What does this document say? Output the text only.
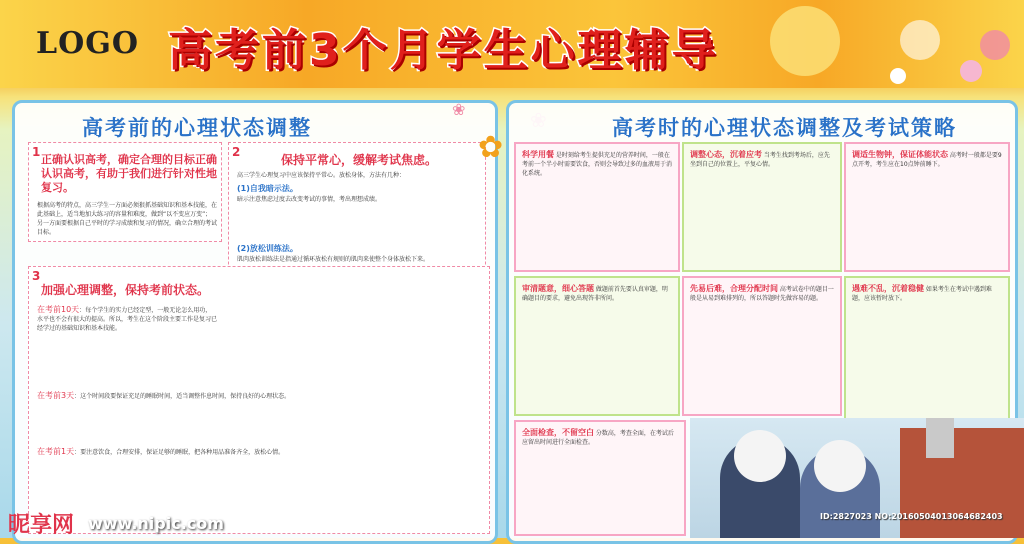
LOGO 高考前3个月学生心理辅导
高考前的心理状态调整
1
正确认识高考，确定合理的目标正确认识高考，有助于我们进行针对性地复习。
根据高考的特点，高三学生一方面必须狠抓基础知识和基本技能，在此基础上，适当地加大练习的容量和难度，做到“以不变应万变”；另一方面要根据自己平时的学习成绩和复习的情况，确立合理的考试目标。
2
保持平常心，缓解考试焦虑。
高三学生心理复习中应该保持平常心。放松身体，方法有几种：
(1)自我暗示法。
暗示注意焦虑过度去改变考试的事情，考出理想成绩。
(2)放松训练法。
肌肉放松训练法是指通过循环放松有规则的肌肉来使整个身体放松下来。
3
加强心理调整，保持考前状态。
在考前10天：每个学生的实力已经定型，一般无论怎么用功，水平也不会有很大的提高。所以，考生在这个阶段主要工作是复习已经学过的基础知识和基本技能。
在考前3天：这个时间段要保证充足的睡眠时间，适当调整作息时间，保持良好的心理状态。
在考前1天：要注意饮食，合理安排，保证足够的睡眠，把各种用品准备齐全，放松心情。
✿
❀
高考时的心理状态调整及考试策略
科学用餐 是时刻给考生提供充足的营养时间，一般在考前一个半小时需要饮食，否则会导致过多的血液用于消化系统。
调整心态，沉着应考 当考生找到考场后，应先坐到自己的位置上，平复心情。
调适生物钟，保证体能状态 高考时一般都是要9点开考，考生应在10点钟前睡下。
审清题意，细心答题 做题前首先要认真审题，明确题目的要求，避免出现答非所问。
先易后难，合理分配时间 高考试卷中的题目一般是从易到难排列的，所以答题时先做容易的题。
遇难不乱，沉着稳健 如果考生在考试中遇到难题，应该暂时放下。
全面检查，不留空白 分数高，考查全面，在考试后应留出时间进行全面检查。
昵享网 www.nipic.com	ID:2827023 NO:20160504013064682403
